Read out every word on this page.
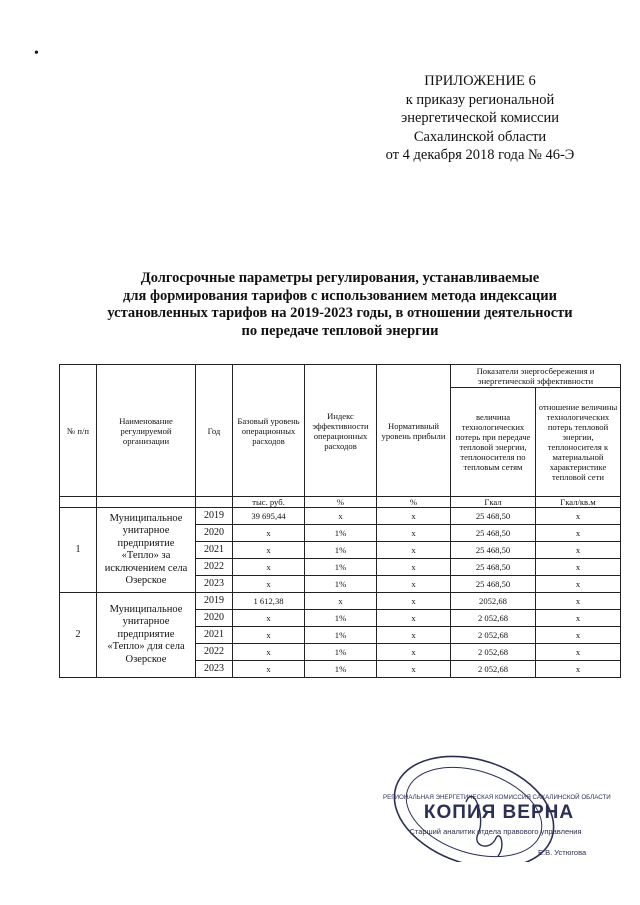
•
ПРИЛОЖЕНИЕ 6
к приказу региональной
энергетической комиссии
Сахалинской области
от 4 декабря 2018 года № 46-Э
Долгосрочные параметры регулирования, устанавливаемые
для формирования тарифов с использованием метода индексации
установленных тарифов на 2019-2023 годы, в отношении деятельности
по передаче тепловой энергии
№ п/п	Наименование регулируемой организации	Год	Базовый уровень операционных расходов	Индекс эффективности операционных расходов	Нормативный уровень прибыли	Показатели энергосбережения и энергетической эффективности	
						величина технологических потерь при передаче тепловой энергии, теплоносителя по тепловым сетям	отношение величины технологических потерь тепловой энергии, теплоносителя к материальной характеристике тепловой сети
			тыс. руб.	%	%	Гкал	Гкал/кв.м
1	Муниципальное унитарное предприятие «Тепло» за исключением села Озерское	2019	39 695,44	x	x	25 468,50	x
		2020	x	1%	x	25 468,50	x
		2021	x	1%	x	25 468,50	x
		2022	x	1%	x	25 468,50	x
		2023	x	1%	x	25 468,50	x
2	Муниципальное унитарное предприятие «Тепло» для села Озерское	2019	1 612,38	x	x	2052,68	x
		2020	x	1%	x	2 052,68	x
		2021	x	1%	x	2 052,68	x
		2022	x	1%	x	2 052,68	x
		2023	x	1%	x	2 052,68	x
РЕГИОНАЛЬНАЯ ЭНЕРГЕТИЧЕСКАЯ КОМИССИЯ САХАЛИНСКОЙ ОБЛАСТИ
КОПИЯ ВЕРНА
Старший аналитик отдела правового управления
Е.В. Устюгова
